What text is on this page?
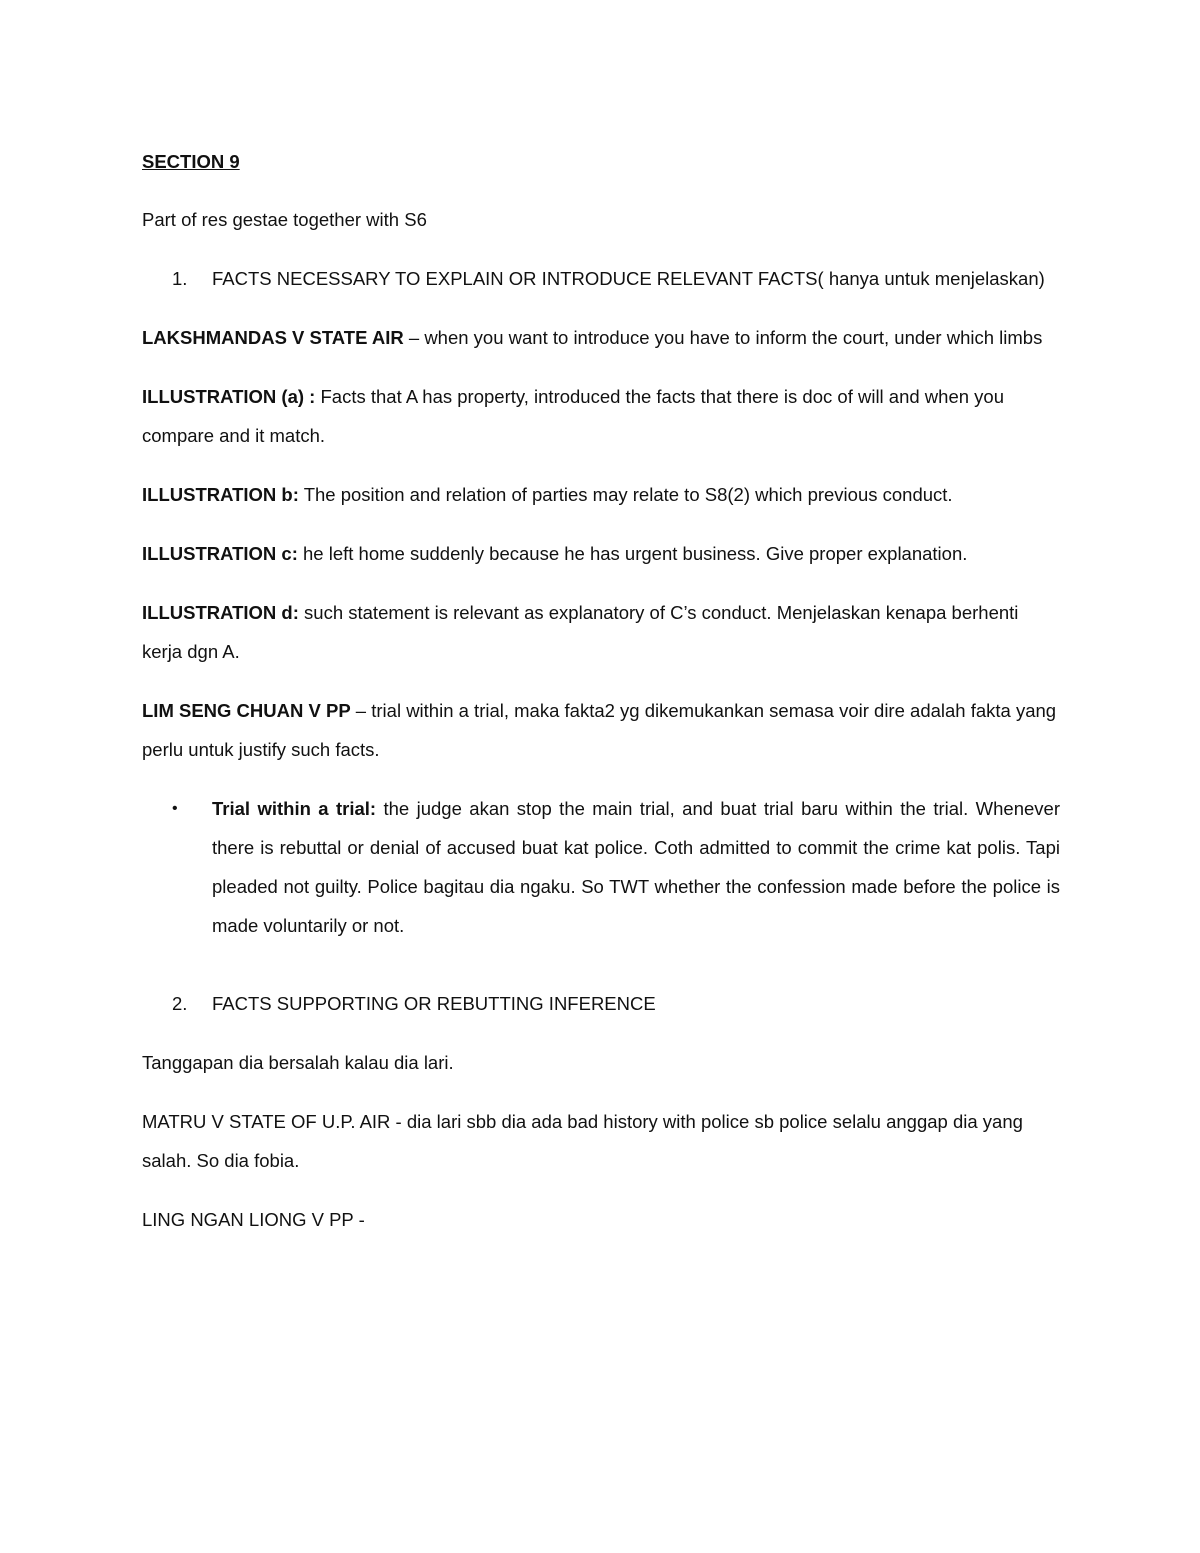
SECTION 9

Part of res gestae together with S6

1. FACTS NECESSARY TO EXPLAIN OR INTRODUCE RELEVANT FACTS( hanya untuk menjelaskan)

LAKSHMANDAS V STATE AIR – when you want to introduce you have to inform the court, under which limbs

ILLUSTRATION (a) : Facts that A has property, introduced the facts that there is doc of will and when you compare and it match.

ILLUSTRATION b: The position and relation of parties may relate to S8(2) which previous conduct.

ILLUSTRATION c: he left home suddenly because he has urgent business. Give proper explanation.

ILLUSTRATION d: such statement is relevant as explanatory of C’s conduct. Menjelaskan kenapa berhenti kerja dgn A.

LIM SENG CHUAN V PP – trial within a trial, maka fakta2 yg dikemukankan semasa voir dire adalah fakta yang perlu untuk justify such facts.

• Trial within a trial: the judge akan stop the main trial, and buat trial baru within the trial. Whenever there is rebuttal or denial of accused buat kat police. Coth admitted to commit the crime kat polis. Tapi pleaded not guilty. Police bagitau dia ngaku. So TWT whether the confession made before the police is made voluntarily or not.

2. FACTS SUPPORTING OR REBUTTING INFERENCE

Tanggapan dia bersalah kalau dia lari.

MATRU V STATE OF U.P. AIR - dia lari sbb dia ada bad history with police sb police selalu anggap dia yang salah. So dia fobia.

LING NGAN LIONG V PP -
